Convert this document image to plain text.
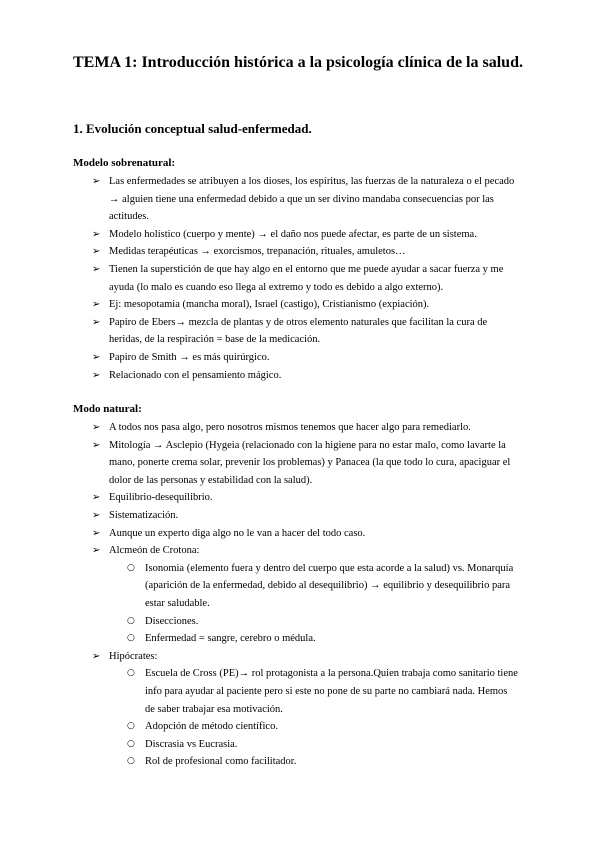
TEMA 1: Introducción histórica a la psicología clínica de la salud.
1. Evolución conceptual salud-enfermedad.
Modelo sobrenatural:
➢ Las enfermedades se atribuyen a los dioses, los espíritus, las fuerzas de la naturaleza o el pecado → alguien tiene una enfermedad debido a que un ser divino mandaba consecuencias por las actitudes.
➢ Modelo holístico (cuerpo y mente) → el daño nos puede afectar, es parte de un sistema.
➢ Medidas terapéuticas → exorcismos, trepanación, rituales, amuletos…
➢ Tienen la superstición de que hay algo en el entorno que me puede ayudar a sacar fuerza y me ayuda (lo malo es cuando eso llega al extremo y todo es debido a algo externo).
➢ Ej: mesopotamia (mancha moral), Israel (castigo), Cristianismo (expiación).
➢ Papiro de Ebers→ mezcla de plantas y de otros elemento naturales que facilitan la cura de heridas, de la respiración = base de la medicación.
➢ Papiro de Smith → es más quirúrgico.
➢ Relacionado con el pensamiento mágico.
Modo natural:
➢ A todos nos pasa algo, pero nosotros mismos tenemos que hacer algo para remediarlo.
➢ Mitología → Asclepio (Hygeia (relacionado con la higiene para no estar malo, como lavarte la mano, ponerte crema solar, prevenir los problemas) y Panacea (la que todo lo cura, apaciguar el dolor de las personas y estabilidad con la salud).
➢ Equilibrio-desequilibrio.
➢ Sistematización.
➢ Aunque un experto diga algo no le van a hacer del todo caso.
➢ Alcmeón de Crotona:
○ Isonomia (elemento fuera y dentro del cuerpo que esta acorde a la salud) vs. Monarquía (aparición de la enfermedad, debido al desequilibrio) → equilibrio y desequilibrio para estar saludable.
○ Disecciones.
○ Enfermedad = sangre, cerebro o médula.
➢ Hipócrates:
○ Escuela de Cross (PE)→ rol protagonista a la persona.Quien trabaja como sanitario tiene info para ayudar al paciente pero si este no pone de su parte no cambiará nada. Hemos de saber trabajar esa motivación.
○ Adopción de método científico.
○ Discrasia vs Eucrasia.
○ Rol de profesional como facilitador.
